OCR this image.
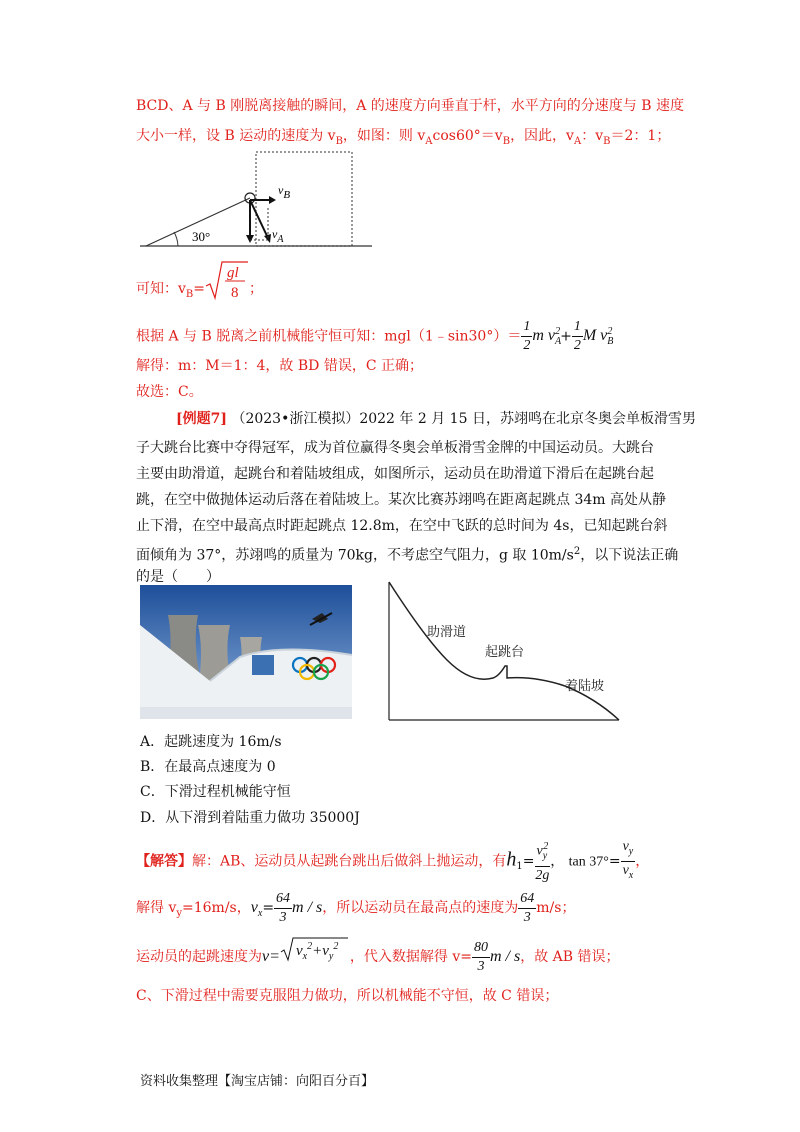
BCD、A 与 B 刚脱离接触的瞬间，A 的速度方向垂直于杆，水平方向的分速度与 B 速度
大小一样，设 B 运动的速度为 $v_B$，如图：则 $v_A\cos 60^\circ=v_B$，因此，$v_A$：$v_B=2$：1；
30°
vB
$v_A$
可知：$v_B=$
gl
8 ；
根据 A 与 B 脱离之前机械能守恒可知：mgl（1﹣sin30°）＝ $\frac{1}{2}$ m $v_A^2+ \frac{1}{2}$ M $v_B^2$
解得：m：M＝1：4，故 BD 错误，C 正确；
故选：C。
[例题7] （2023•浙江模拟）2022 年 2 月 15 日，苏翊鸣在北京冬奥会单板滑雪男
子大跳台比赛中夺得冠军，成为首位赢得冬奥会单板滑雪金牌的中国运动员。大跳台
主要由助滑道，起跳台和着陆坡组成，如图所示，运动员在助滑道下滑后在起跳台起
跳，在空中做抛体运动后落在着陆坡上。某次比赛苏翊鸣在距离起跳点 34m 高处从静
止下滑，在空中最高点时距起跳点 12.8m，在空中飞跃的总时间为 4s，已知起跳台斜
面倾角为 37°，苏翊鸣的质量为 70kg，不考虑空气阻力，g 取 $10m/s^2$，以下说法正确
的是（　　）
助滑道
起跳台
着陆坡
A．起跳速度为 16m/s
B．在最高点速度为 0
C．下滑过程机械能守恒
D．从下滑到着陆重力做功 35000J
【解答】解：AB、运动员从起跳台跳出后做斜上抛运动，有$h_1= \frac{v_y^2}{2g}$ ， $\tan 37^\circ= \frac{v_y}{v_x}$ ，
解得 $v_y=16m/s$，$v_x= \frac{64}{3}$ m / s，所以运动员在最高点的速度为 $\frac{64}{3} m/s$；
运动员的起跳速度为$v= v_x^2+v_y^2$
，代入数据解得 $v= \frac{80}{3}$ m / s，故 AB 错误；
C、下滑过程中需要克服阻力做功，所以机械能不守恒，故 C 错误；
资料收集整理【淘宝店铺：向阳百分百】
